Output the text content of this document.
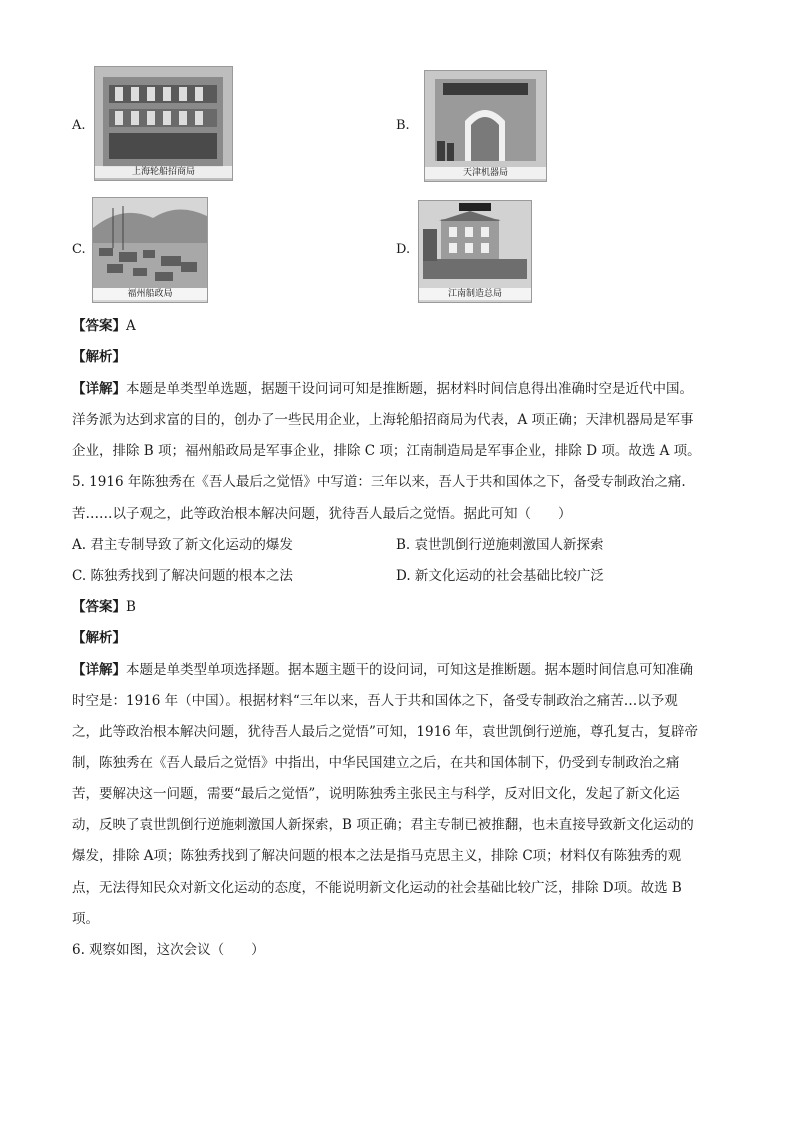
A.
上海轮船招商局
B.
天津机器局
C.
福州船政局
D.
江南制造总局
【答案】A
【解析】
【详解】本题是单类型单选题，据题干设问词可知是推断题，据材料时间信息得出准确时空是近代中国。
洋务派为达到求富的目的，创办了一些民用企业，上海轮船招商局为代表，A 项正确；天津机器局是军事
企业，排除 B 项；福州船政局是军事企业，排除 C 项；江南制造局是军事企业，排除 D 项。故选 A 项。
5. 1916 年陈独秀在《吾人最后之觉悟》中写道：三年以来，吾人于共和国体之下，备受专制政治之痛.
苦……以子观之，此等政治根本解决问题，犹待吾人最后之觉悟。据此可知（　　）
A. 君主专制导致了新文化运动的爆发	B. 袁世凯倒行逆施刺激国人新探索
C. 陈独秀找到了解决问题的根本之法	D. 新文化运动的社会基础比较广泛
【答案】B
【解析】
【详解】本题是单类型单项选择题。据本题主题干的设问词，可知这是推断题。据本题时间信息可知准确
时空是：1916 年（中国）。根据材料“三年以来，吾人于共和国体之下，备受专制政治之痛苦…以予观
之，此等政治根本解决问题，犹待吾人最后之觉悟”可知，1916 年，袁世凯倒行逆施，尊孔复古，复辟帝
制，陈独秀在《吾人最后之觉悟》中指出，中华民国建立之后，在共和国体制下，仍受到专制政治之痛
苦，要解决这一问题，需要“最后之觉悟”，说明陈独秀主张民主与科学，反对旧文化，发起了新文化运
动，反映了袁世凯倒行逆施刺激国人新探索，B 项正确；君主专制已被推翻，也未直接导致新文化运动的
爆发，排除 A项；陈独秀找到了解决问题的根本之法是指马克思主义，排除 C项；材料仅有陈独秀的观
点，无法得知民众对新文化运动的态度，不能说明新文化运动的社会基础比较广泛，排除 D项。故选 B
项。
6. 观察如图，这次会议（　　）
